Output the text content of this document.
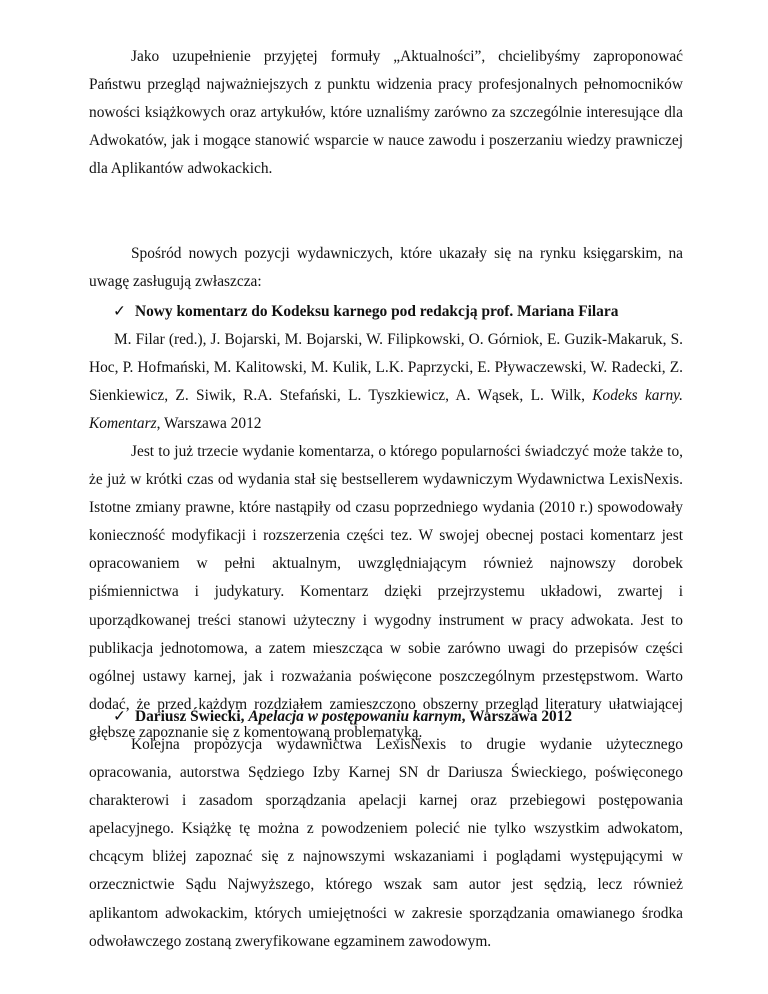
Jako uzupełnienie przyjętej formuły „Aktualności”, chcielibyśmy zaproponować Państwu przegląd najważniejszych z punktu widzenia pracy profesjonalnych pełnomocników nowości książkowych oraz artykułów, które uznaliśmy zarówno za szczególnie interesujące dla Adwokatów, jak i mogące stanowić wsparcie w nauce zawodu i poszerzaniu wiedzy prawniczej dla Aplikantów adwokackich.

Spośród nowych pozycji wydawniczych, które ukazały się na rynku księgarskim, na uwagę zasługują zwłaszcza:

✓ Nowy komentarz do Kodeksu karnego pod redakcją prof. Mariana Filara

M. Filar (red.), J. Bojarski, M. Bojarski, W. Filipkowski, O. Górniok, E. Guzik-Makaruk, S. Hoc, P. Hofmański, M. Kalitowski, M. Kulik, L.K. Paprzycki, E. Pływaczewski, W. Radecki, Z. Sienkiewicz, Z. Siwik, R.A. Stefański, L. Tyszkiewicz, A. Wąsek, L. Wilk, Kodeks karny. Komentarz, Warszawa 2012

Jest to już trzecie wydanie komentarza, o którego popularności świadczyć może także to, że już w krótki czas od wydania stał się bestsellerem wydawniczym Wydawnictwa LexisNexis. Istotne zmiany prawne, które nastąpiły od czasu poprzedniego wydania (2010 r.) spowodowały konieczność modyfikacji i rozszerzenia części tez. W swojej obecnej postaci komentarz jest opracowaniem w pełni aktualnym, uwzględniającym również najnowszy dorobek piśmiennictwa i judykatury. Komentarz dzięki przejrzystemu układowi, zwartej i uporządkowanej treści stanowi użyteczny i wygodny instrument w pracy adwokata. Jest to publikacja jednotomowa, a zatem mieszcząca w sobie zarówno uwagi do przepisów części ogólnej ustawy karnej, jak i rozważania poświęcone poszczególnym przestępstwom. Warto dodać, że przed każdym rozdziałem zamieszczono obszerny przegląd literatury ułatwiającej głębsze zapoznanie się z komentowaną problematyką.

✓ Dariusz Świecki, Apelacja w postępowaniu karnym, Warszawa 2012

Kolejna propozycja wydawnictwa LexisNexis to drugie wydanie użytecznego opracowania, autorstwa Sędziego Izby Karnej SN dr Dariusza Świeckiego, poświęconego charakterowi i zasadom sporządzania apelacji karnej oraz przebiegowi postępowania apelacyjnego. Książkę tę można z powodzeniem polecić nie tylko wszystkim adwokatom, chcącym bliżej zapoznać się z najnowszymi wskazaniami i poglądami występującymi w orzecznictwie Sądu Najwyższego, którego wszak sam autor jest sędzią, lecz również aplikantom adwokackim, których umiejętności w zakresie sporządzania omawianego środka odwoławczego zostaną zweryfikowane egzaminem zawodowym.
